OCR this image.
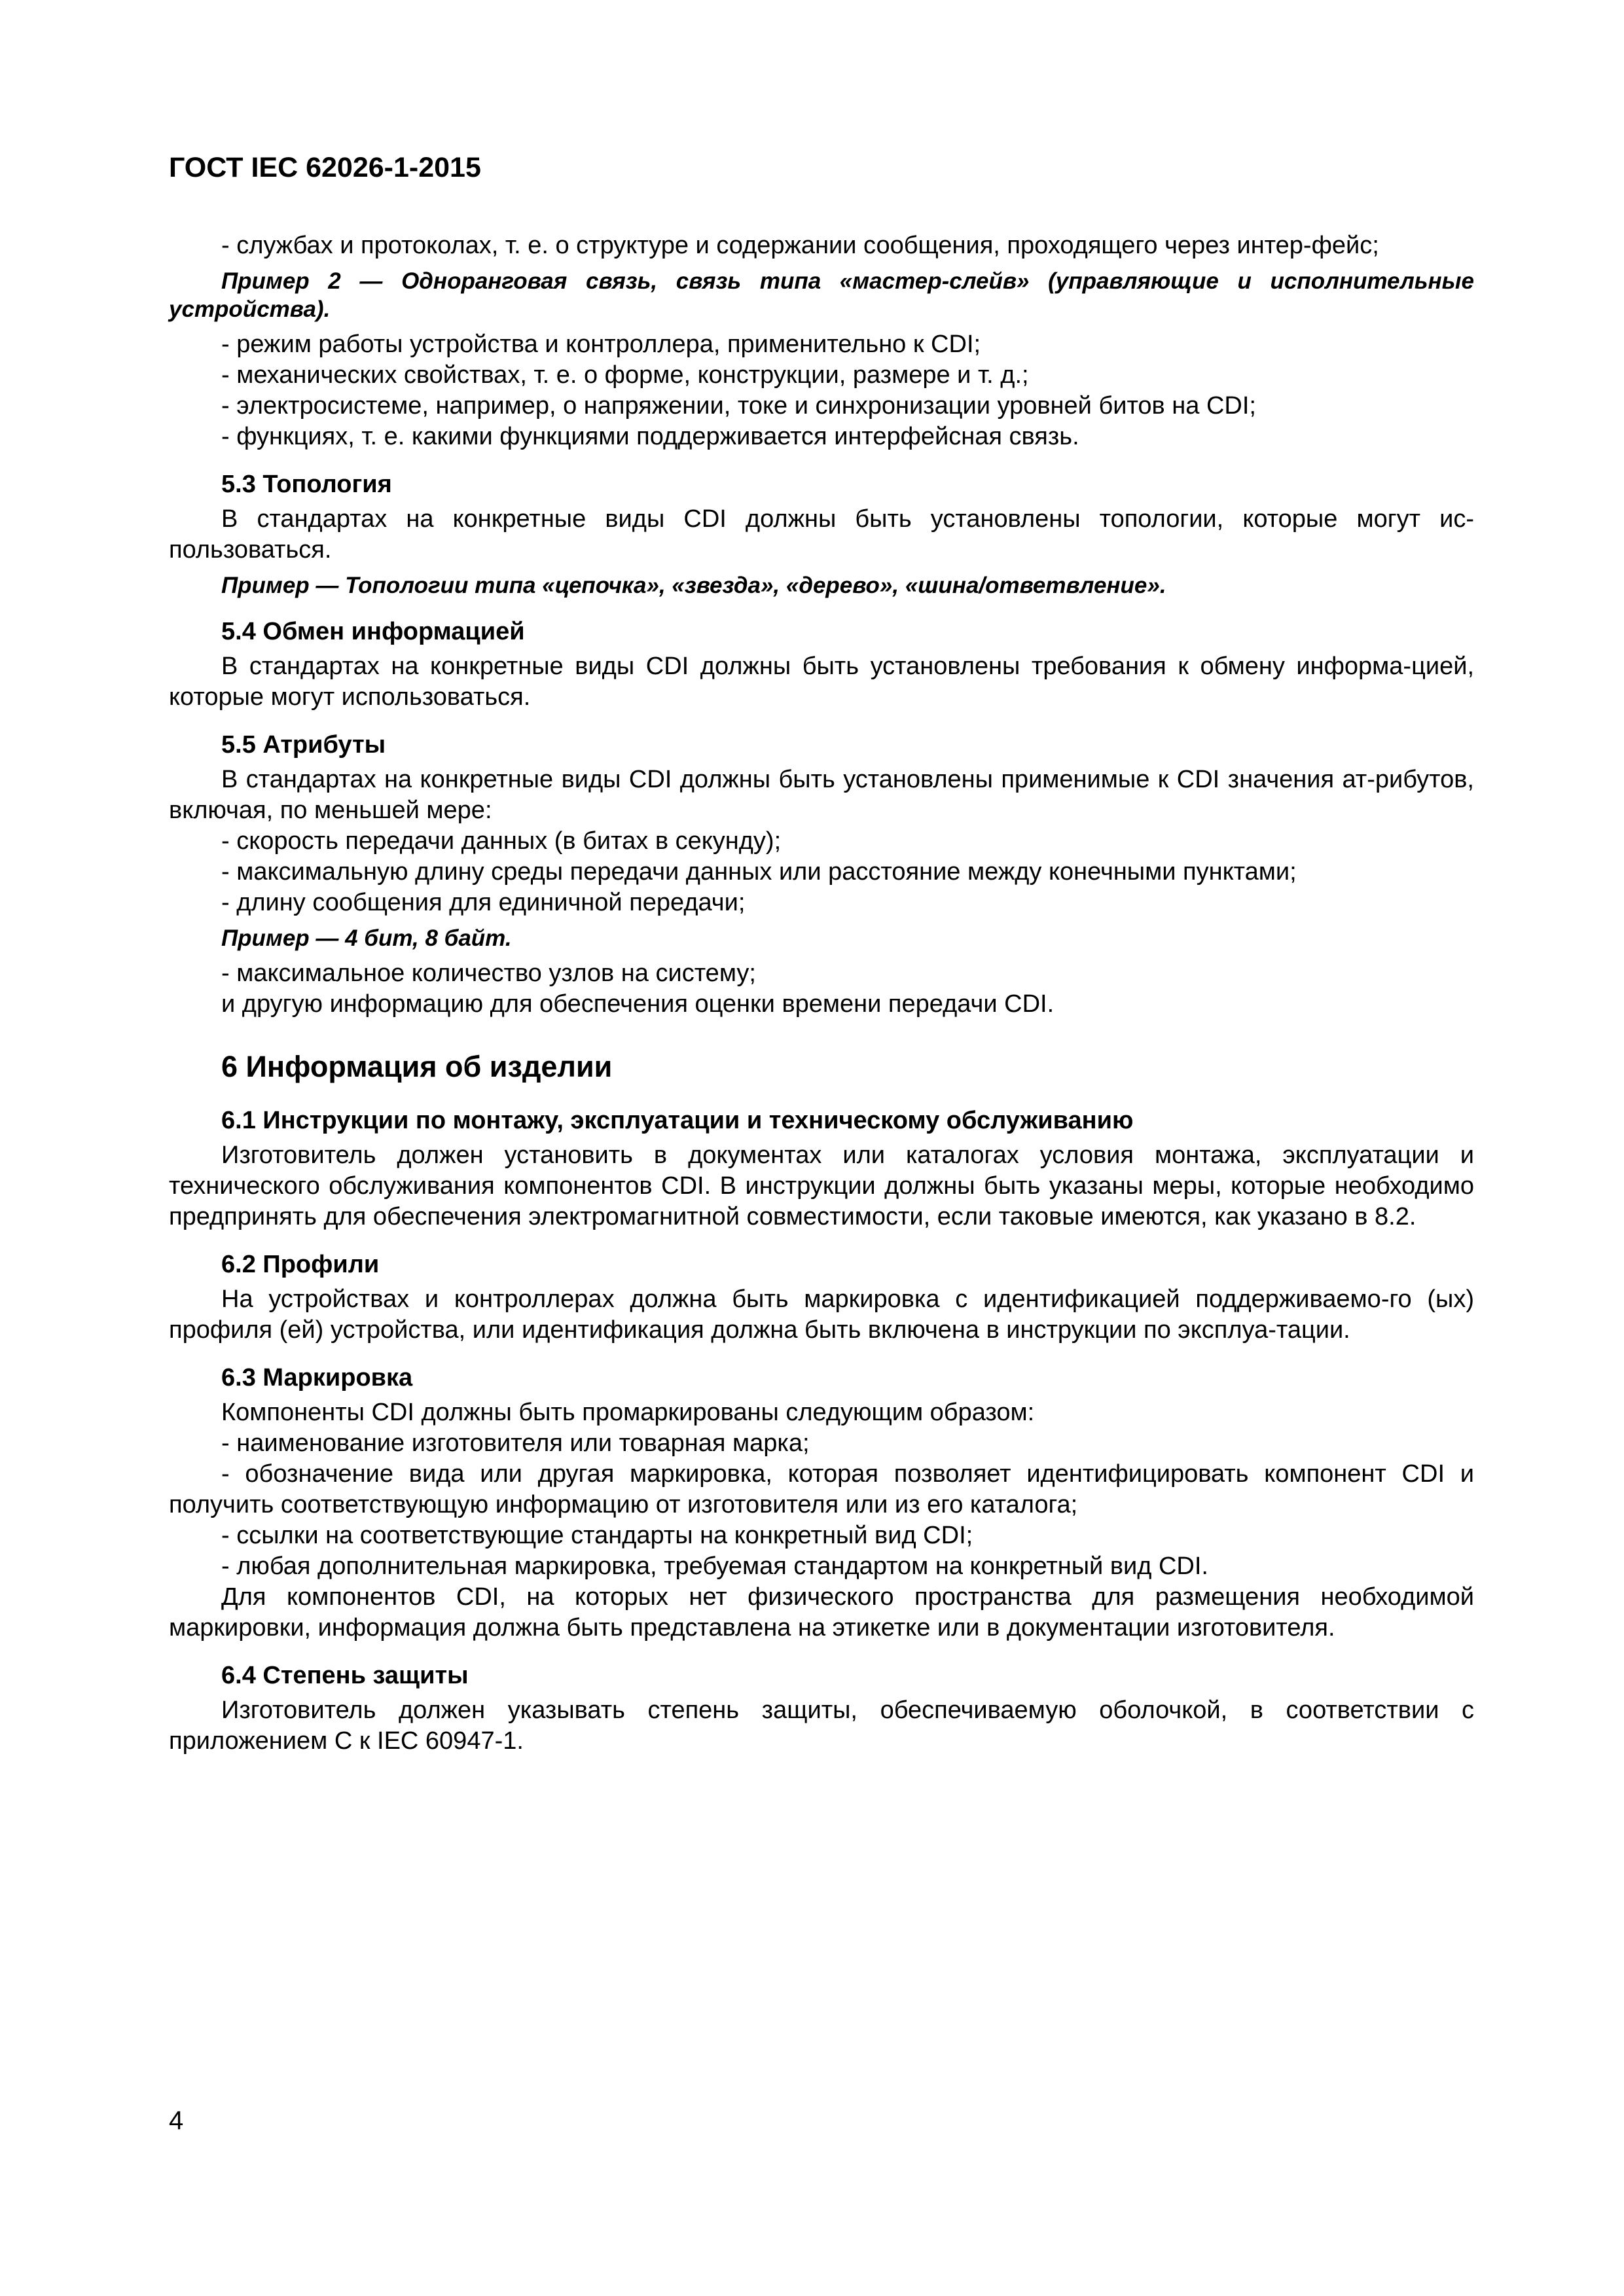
ГОСТ IEC 62026-1-2015

- службах и протоколах, т. е. о структуре и содержании сообщения, проходящего через интер-фейс;

Пример 2 — Одноранговая связь, связь типа «мастер-слейв» (управляющие и исполнительные устройства).

- режим работы устройства и контроллера, применительно к CDI;

- механических свойствах, т. е. о форме, конструкции, размере и т. д.;

- электросистеме, например, о напряжении, токе и синхронизации уровней битов на CDI;

- функциях, т. е. какими функциями поддерживается интерфейсная связь.

5.3 Топология

В стандартах на конкретные виды CDI должны быть установлены топологии, которые могут ис-пользоваться.

Пример — Топологии типа «цепочка», «звезда», «дерево», «шина/ответвление».

5.4 Обмен информацией

В стандартах на конкретные виды CDI должны быть установлены требования к обмену информа-цией, которые могут использоваться.

5.5 Атрибуты

В стандартах на конкретные виды CDI должны быть установлены применимые к CDI значения ат-рибутов, включая, по меньшей мере:

- скорость передачи данных (в битах в секунду);

- максимальную длину среды передачи данных или расстояние между конечными пунктами;

- длину сообщения для единичной передачи;

Пример — 4 бит, 8 байт.

- максимальное количество узлов на систему;

и другую информацию для обеспечения оценки времени передачи CDI.

6 Информация об изделии

6.1 Инструкции по монтажу, эксплуатации и техническому обслуживанию

Изготовитель должен установить в документах или каталогах условия монтажа, эксплуатации и технического обслуживания компонентов CDI. В инструкции должны быть указаны меры, которые необходимо предпринять для обеспечения электромагнитной совместимости, если таковые имеются, как указано в 8.2.

6.2 Профили

На устройствах и контроллерах должна быть маркировка с идентификацией поддерживаемо-го (ых) профиля (ей) устройства, или идентификация должна быть включена в инструкции по эксплуа-тации.

6.3 Маркировка

Компоненты CDI должны быть промаркированы следующим образом:

- наименование изготовителя или товарная марка;

- обозначение вида или другая маркировка, которая позволяет идентифицировать компонент CDI и получить соответствующую информацию от изготовителя или из его каталога;

- ссылки на соответствующие стандарты на конкретный вид CDI;

- любая дополнительная маркировка, требуемая стандартом на конкретный вид CDI.

Для компонентов CDI, на которых нет физического пространства для размещения необходимой маркировки, информация должна быть представлена на этикетке или в документации изготовителя.

6.4 Степень защиты

Изготовитель должен указывать степень защиты, обеспечиваемую оболочкой, в соответствии с приложением С к IEC 60947-1.

4
